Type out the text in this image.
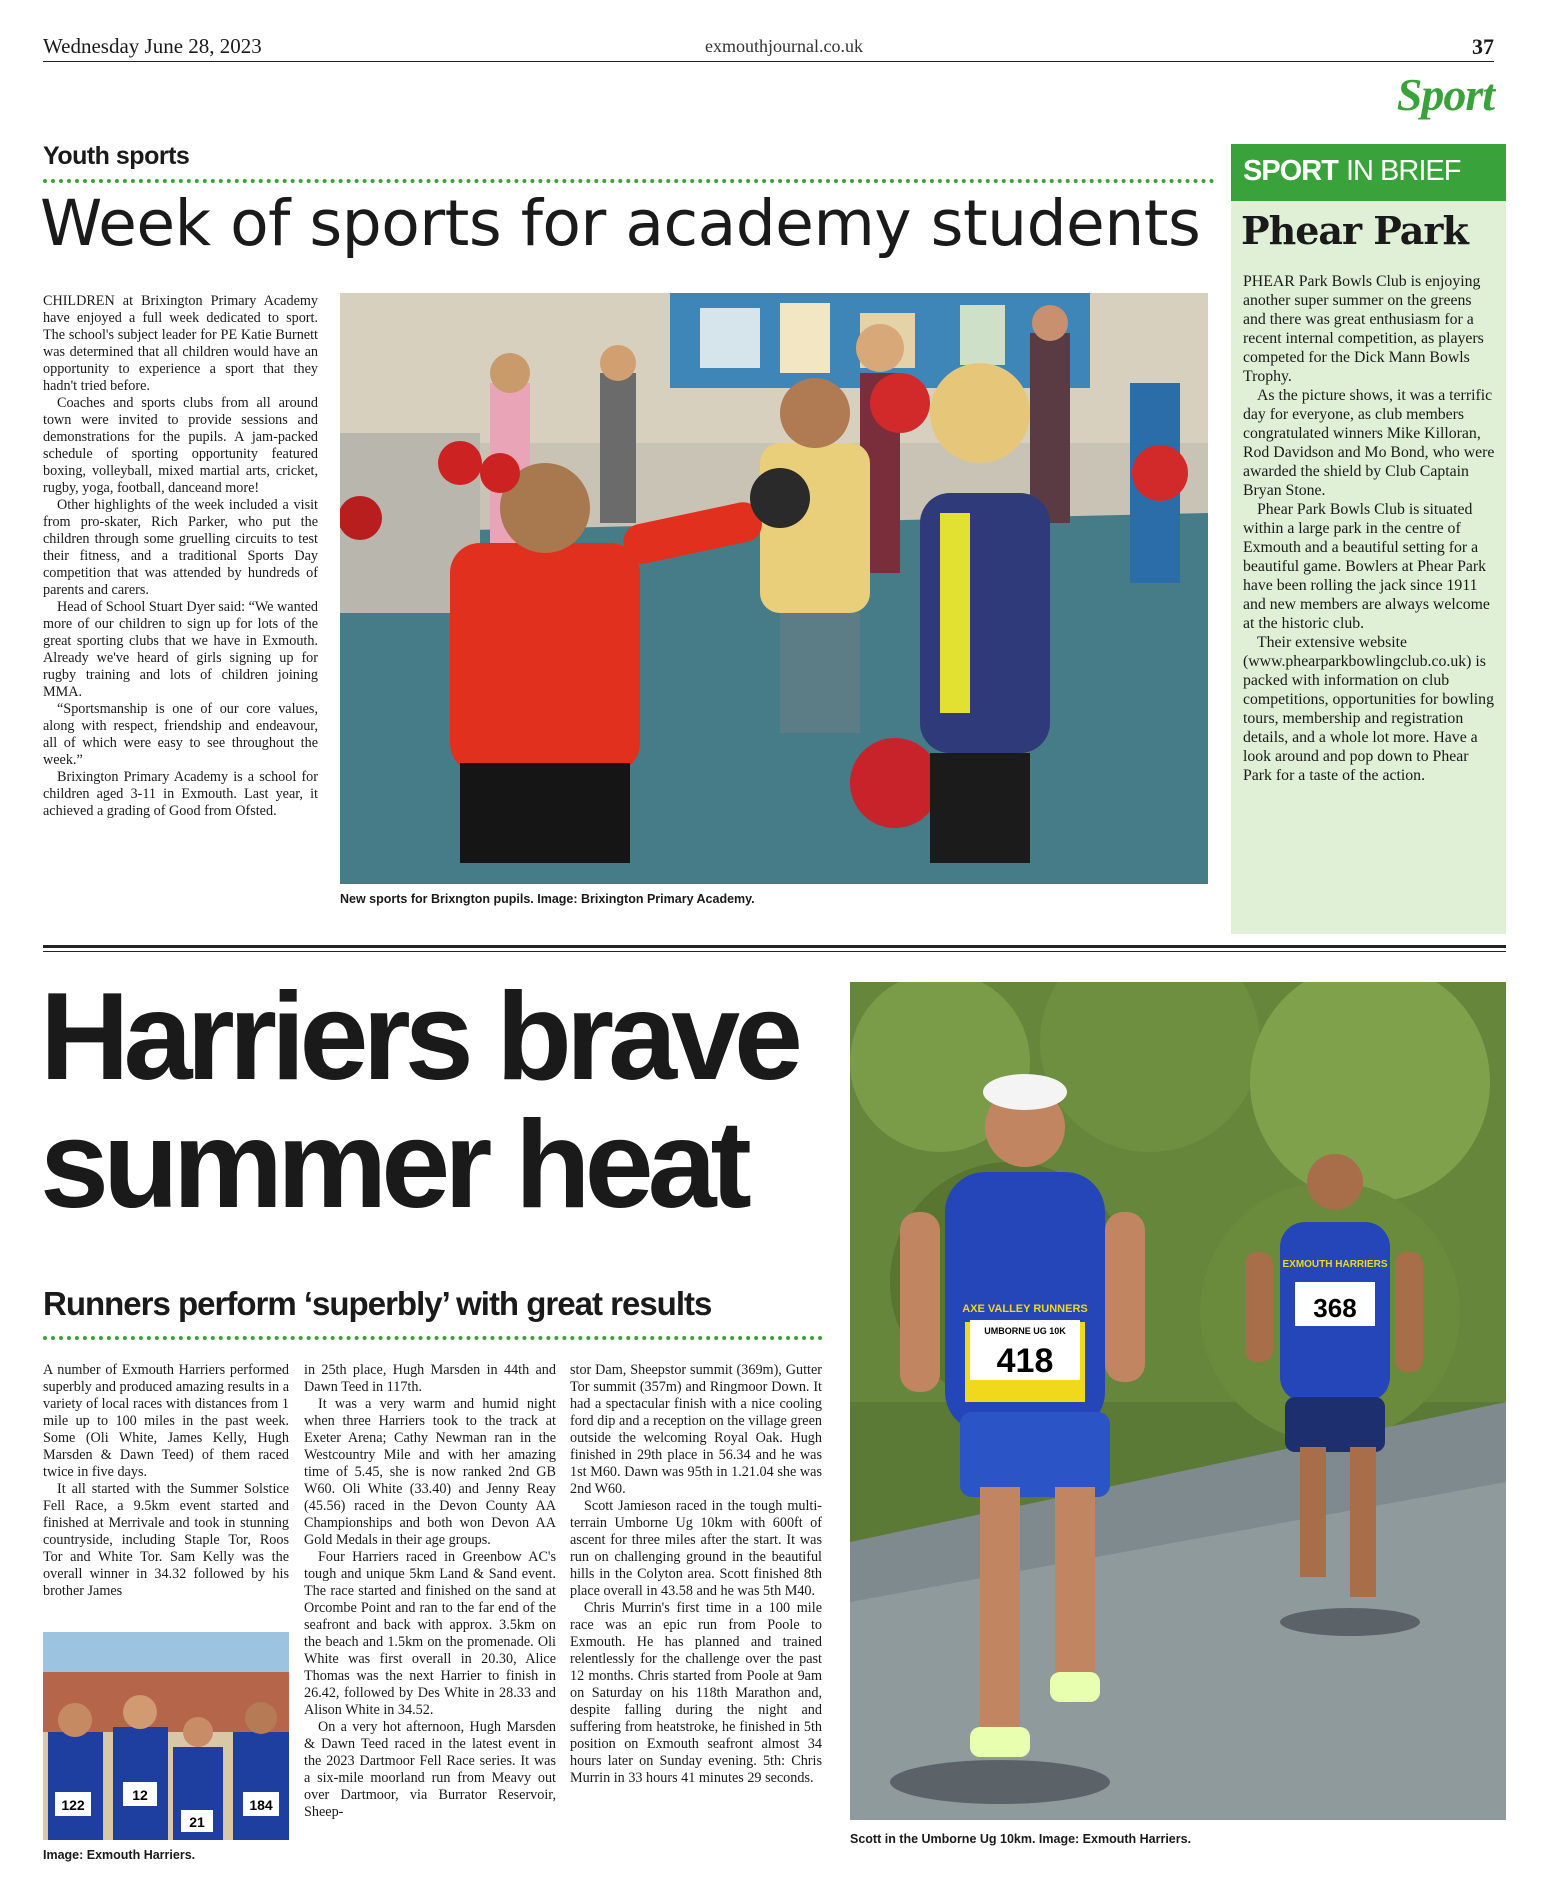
Wednesday June 28, 2023	exmouthjournal.co.uk	37
Sport
Youth sports
Week of sports for academy students

CHILDREN at Brixington Primary Academy have enjoyed a full week dedicated to sport. The school's subject leader for PE Katie Burnett was determined that all children would have an opportunity to experience a sport that they hadn't tried before.

Coaches and sports clubs from all around town were invited to provide sessions and demonstrations for the pupils. A jam-packed schedule of sporting opportunity featured boxing, volleyball, mixed martial arts, cricket, rugby, yoga, football, danceand more!

Other highlights of the week included a visit from pro-skater, Rich Parker, who put the children through some gruelling circuits to test their fitness, and a traditional Sports Day competition that was attended by hundreds of parents and carers.

Head of School Stuart Dyer said: “We wanted more of our children to sign up for lots of the great sporting clubs that we have in Exmouth. Already we've heard of girls signing up for rugby training and lots of children joining MMA.

“Sportsmanship is one of our core values, along with respect, friendship and endeavour, all of which were easy to see throughout the week.”

Brixington Primary Academy is a school for children aged 3-11 in Exmouth. Last year, it achieved a grading of Good from Ofsted.

New sports for Brixngton pupils. Image: Brixington Primary Academy.
SPORT IN BRIEF
Phear Park

PHEAR Park Bowls Club is enjoying another super summer on the greens and there was great enthusiasm for a recent internal competition, as players competed for the Dick Mann Bowls Trophy.

As the picture shows, it was a terrific day for everyone, as club members congratulated winners Mike Killoran, Rod Davidson and Mo Bond, who were awarded the shield by Club Captain Bryan Stone.

Phear Park Bowls Club is situated within a large park in the centre of Exmouth and a beautiful setting for a beautiful game. Bowlers at Phear Park have been rolling the jack since 1911 and new members are always welcome at the historic club.

Their extensive website (www.phearparkbowlingclub.co.uk) is packed with information on club competitions, opportunities for bowling tours, membership and registration details, and a whole lot more. Have a look around and pop down to Phear Park for a taste of the action.

Harriers brave
summer heat
Runners perform ‘superbly’ with great results

A number of Exmouth Harriers performed superbly and produced amazing results in a variety of local races with distances from 1 mile up to 100 miles in the past week. Some (Oli White, James Kelly, Hugh Marsden & Dawn Teed) of them raced twice in five days.

It all started with the Summer Solstice Fell Race, a 9.5km event started and finished at Merrivale and took in stunning countryside, including Staple Tor, Roos Tor and White Tor. Sam Kelly was the overall winner in 34.32 followed by his brother James

122
12
21
184
Image: Exmouth Harriers.

in 25th place, Hugh Marsden in 44th and Dawn Teed in 117th.

It was a very warm and humid night when three Harriers took to the track at Exeter Arena; Cathy Newman ran in the Westcountry Mile and with her amazing time of 5.45, she is now ranked 2nd GB W60. Oli White (33.40) and Jenny Reay (45.56) raced in the Devon County AA Championships and both won Devon AA Gold Medals in their age groups.

Four Harriers raced in Greenbow AC's tough and unique 5km Land & Sand event. The race started and finished on the sand at Orcombe Point and ran to the far end of the seafront and back with approx. 3.5km on the beach and 1.5km on the promenade. Oli White was first overall in 20.30, Alice Thomas was the next Harrier to finish in 26.42, followed by Des White in 28.33 and Alison White in 34.52.

On a very hot afternoon, Hugh Marsden & Dawn Teed raced in the latest event in the 2023 Dartmoor Fell Race series. It was a six-mile moorland run from Meavy out over Dartmoor, via Burrator Reservoir, Sheep-

stor Dam, Sheepstor summit (369m), Gutter Tor summit (357m) and Ringmoor Down. It had a spectacular finish with a nice cooling ford dip and a reception on the village green outside the welcoming Royal Oak. Hugh finished in 29th place in 56.34 and he was 1st M60. Dawn was 95th in 1.21.04 she was 2nd W60.

Scott Jamieson raced in the tough multi-terrain Umborne Ug 10km with 600ft of ascent for three miles after the start. It was run on challenging ground in the beautiful hills in the Colyton area. Scott finished 8th place overall in 43.58 and he was 5th M40.

Chris Murrin's first time in a 100 mile race was an epic run from Poole to Exmouth. He has planned and trained relentlessly for the challenge over the past 12 months. Chris started from Poole at 9am on Saturday on his 118th Marathon and, despite falling during the night and suffering from heatstroke, he finished in 5th position on Exmouth seafront almost 34 hours later on Sunday evening. 5th: Chris Murrin in 33 hours 41 minutes 29 seconds.

AXE VALLEY RUNNERS
UMBORNE UG 10K
418
EXMOUTH HARRIERS
368
Scott in the Umborne Ug 10km. Image: Exmouth Harriers.
